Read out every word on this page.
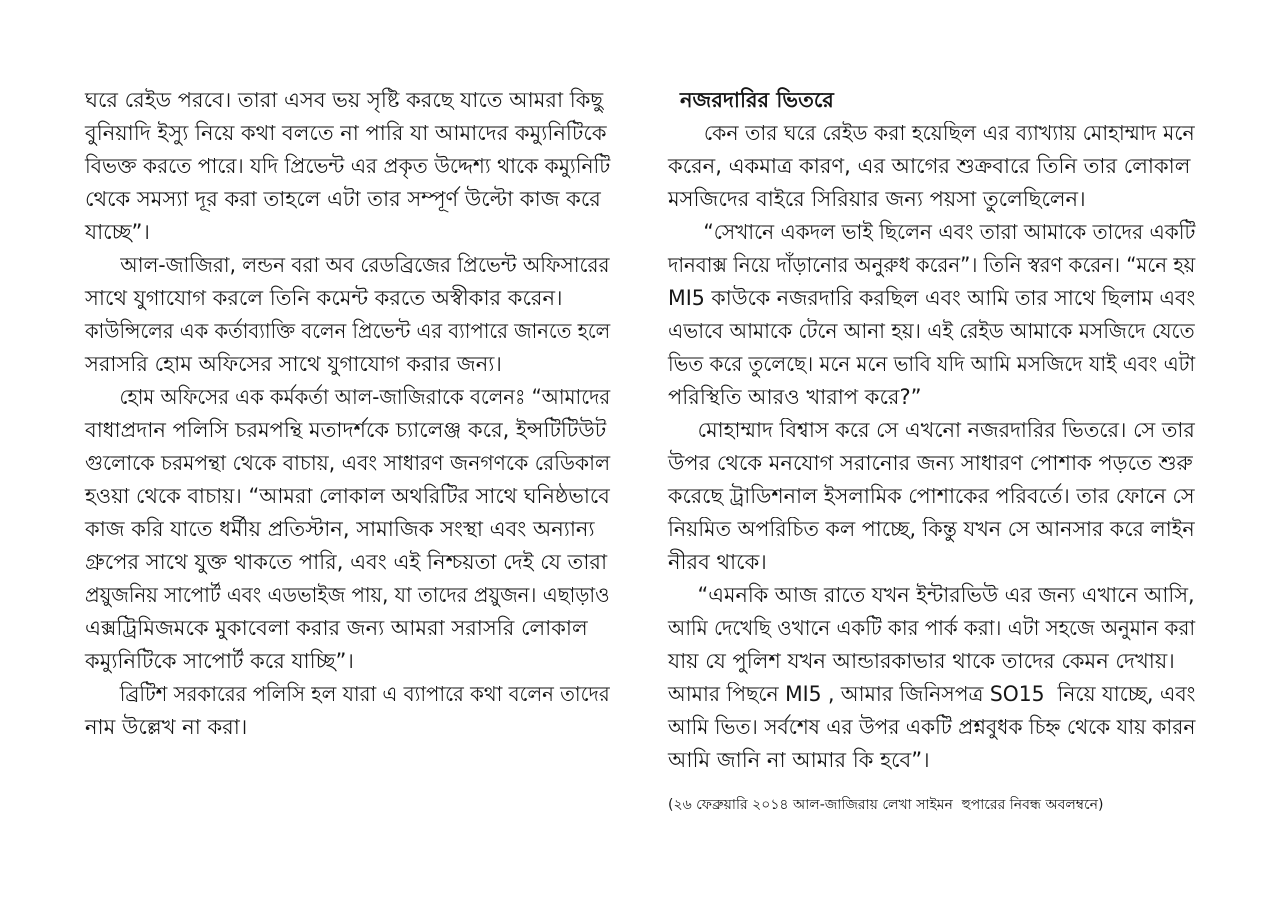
ঘরে রেইড পরবে। তারা এসব ভয় সৃষ্টি করছে যাতে আমরা কিছু
বুনিয়াদি ইস্যু নিয়ে কথা বলতে না পারি যা আমাদের কম্যুনিটিকে
বিভক্ত করতে পারে। যদি প্রিভেন্ট এর প্রকৃত উদ্দেশ্য থাকে কম্যুনিটি
থেকে সমস্যা দূর করা তাহলে এটা তার সম্পূর্ণ উল্টো কাজ করে
যাচ্ছে”।
আল-জাজিরা, লন্ডন বরা অব রেডব্রিজের প্রিভেন্ট অফিসারের
সাথে যুগাযোগ করলে তিনি কমেন্ট করতে অস্বীকার করেন।
কাউন্সিলের এক কর্তাব্যাক্তি বলেন প্রিভেন্ট এর ব্যাপারে জানতে হলে
সরাসরি হোম অফিসের সাথে যুগাযোগ করার জন্য।
হোম অফিসের এক কর্মকর্তা আল-জাজিরাকে বলেনঃ “আমাদের
বাধাপ্রদান পলিসি চরমপন্থি মতাদর্শকে চ্যালেঞ্জ করে, ইন্সটিটিউট
গুলোকে চরমপন্থা থেকে বাচায়, এবং সাধারণ জনগণকে রেডিকাল
হওয়া থেকে বাচায়। “আমরা লোকাল অথরিটির সাথে ঘনিষ্ঠভাবে
কাজ করি যাতে ধর্মীয় প্রতিস্টান, সামাজিক সংস্থা এবং অন্যান্য
গ্রুপের সাথে যুক্ত থাকতে পারি, এবং এই নিশ্চয়তা দেই যে তারা
প্রয়ুজনিয় সাপোর্ট এবং এডভাইজ পায়, যা তাদের প্রয়ুজন। এছাড়াও
এক্সট্রিমিজমকে মুকাবেলা করার জন্য আমরা সরাসরি লোকাল
কম্যুনিটিকে সাপোর্ট করে যাচ্ছি”।
ব্রিটিশ সরকারের পলিসি হল যারা এ ব্যাপারে কথা বলেন তাদের
নাম উল্লেখ না করা।
নজরদারির ভিতরে
কেন তার ঘরে রেইড করা হয়েছিল এর ব্যাখ্যায় মোহাম্মাদ মনে
করেন, একমাত্র কারণ, এর আগের শুক্রবারে তিনি তার লোকাল
মসজিদের বাইরে সিরিয়ার জন্য পয়সা তুলেছিলেন।
“সেখানে একদল ভাই ছিলেন এবং তারা আমাকে তাদের একটি
দানবাক্স নিয়ে দাঁড়ানোর অনুরুধ করেন”। তিনি স্বরণ করেন। “মনে হয়
MI5 কাউকে নজরদারি করছিল এবং আমি তার সাথে ছিলাম এবং
এভাবে আমাকে টেনে আনা হয়। এই রেইড আমাকে মসজিদে যেতে
ভিত করে তুলেছে। মনে মনে ভাবি যদি আমি মসজিদে যাই এবং এটা
পরিস্থিতি আরও খারাপ করে?”
মোহাম্মাদ বিশ্বাস করে সে এখনো নজরদারির ভিতরে। সে তার
উপর থেকে মনযোগ সরানোর জন্য সাধারণ পোশাক পড়তে শুরু
করেছে ট্রাডিশনাল ইসলামিক পোশাকের পরিবর্তে। তার ফোনে সে
নিয়মিত অপরিচিত কল পাচ্ছে, কিন্তু যখন সে আনসার করে লাইন
নীরব থাকে।
“এমনকি আজ রাতে যখন ইন্টারভিউ এর জন্য এখানে আসি,
আমি দেখেছি ওখানে একটি কার পার্ক করা। এটা সহজে অনুমান করা
যায় যে পুলিশ যখন আন্ডারকাভার থাকে তাদের কেমন দেখায়।
আমার পিছনে MI5 , আমার জিনিসপত্র SO15  নিয়ে যাচ্ছে, এবং
আমি ভিত। সর্বশেষ এর উপর একটি প্রশ্নবুধক চিহ্ন থেকে যায় কারন
আমি জানি না আমার কি হবে”।
(২৬ ফেব্রুয়ারি ২০১৪ আল-জাজিরায় লেখা সাইমন  হুপারের নিবন্ধ অবলম্বনে)
